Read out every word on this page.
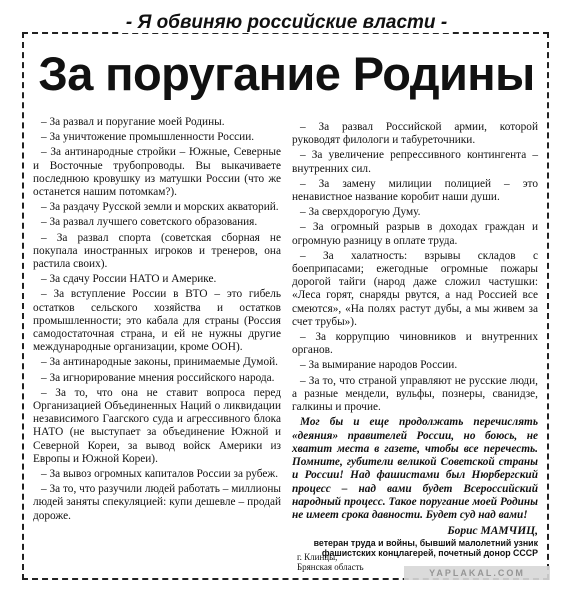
- Я обвиняю российские власти -
За поругание Родины

– За развал и поругание моей Родины.

– За уничтожение промышленности России.

– За антинародные стройки – Южные, Северные и Восточные трубопроводы. Вы выкачиваете последнюю кровушку из матушки России (что же останется нашим потомкам?).

– За раздачу Русской земли и морских акваторий.

– За развал лучшего советского образования.

– За развал спорта (советская сборная не покупала иностранных игроков и тренеров, она растила своих).

– За сдачу России НАТО и Америке.

– За вступление России в ВТО – это гибель остатков сельского хозяйства и остатков промышленности; это кабала для страны (Россия самодостаточная страна, и ей не нужны другие международные организации, кроме ООН).

– За антинародные законы, принимаемые Думой.

– За игнорирование мнения российского народа.

– За то, что она не ставит вопроса перед Организацией Объединенных Наций о ликвидации независимого Гаагского суда и агрессивного блока НАТО (не выступает за объединение Южной и Северной Кореи, за вывод войск Америки из Европы и Южной Кореи).

– За вывоз огромных капиталов России за рубеж.

– За то, что разучили людей работать – миллионы людей заняты спекуляцией: купи дешевле – продай дороже.

– За развал Российской армии, которой руководят филологи и табуреточники.

– За увеличение репрессивного контингента – внутренних сил.

– За замену милиции полицией – это ненавистное название коробит наши души.

– За сверхдорогую Думу.

– За огромный разрыв в доходах граждан и огромную разницу в оплате труда.

– За халатность: взрывы складов с боеприпасами; ежегодные огромные пожары дорогой тайги (народ даже сложил частушки: «Леса горят, снаряды рвутся, а над Россией все смеются», «На полях растут дубы, а мы живем за счет трубы»).

– За коррупцию чиновников и внутренних органов.

– За вымирание народов России.

– За то, что страной управляют не русские люди, а разные мендели, вульфы, познеры, сванидзе, галкины и прочие.

Мог бы и еще продолжать перечислять «деяния» правителей России, но боюсь, не хватит места в газете, чтобы все перечесть. Помните, губители великой Советской страны и России! Над фашистами был Нюрбергский процесс – над вами будет Всероссийский народный процесс. Такое поругание моей Родины не имеет срока давности. Будет суд над вами!

Борис МАМЧИЦ,
ветеран труда и войны, бывший малолетний узник фашистских концлагерей, почетный донор СССР
г. Клинцы,
Брянская область
YAPLAKAL.COM
